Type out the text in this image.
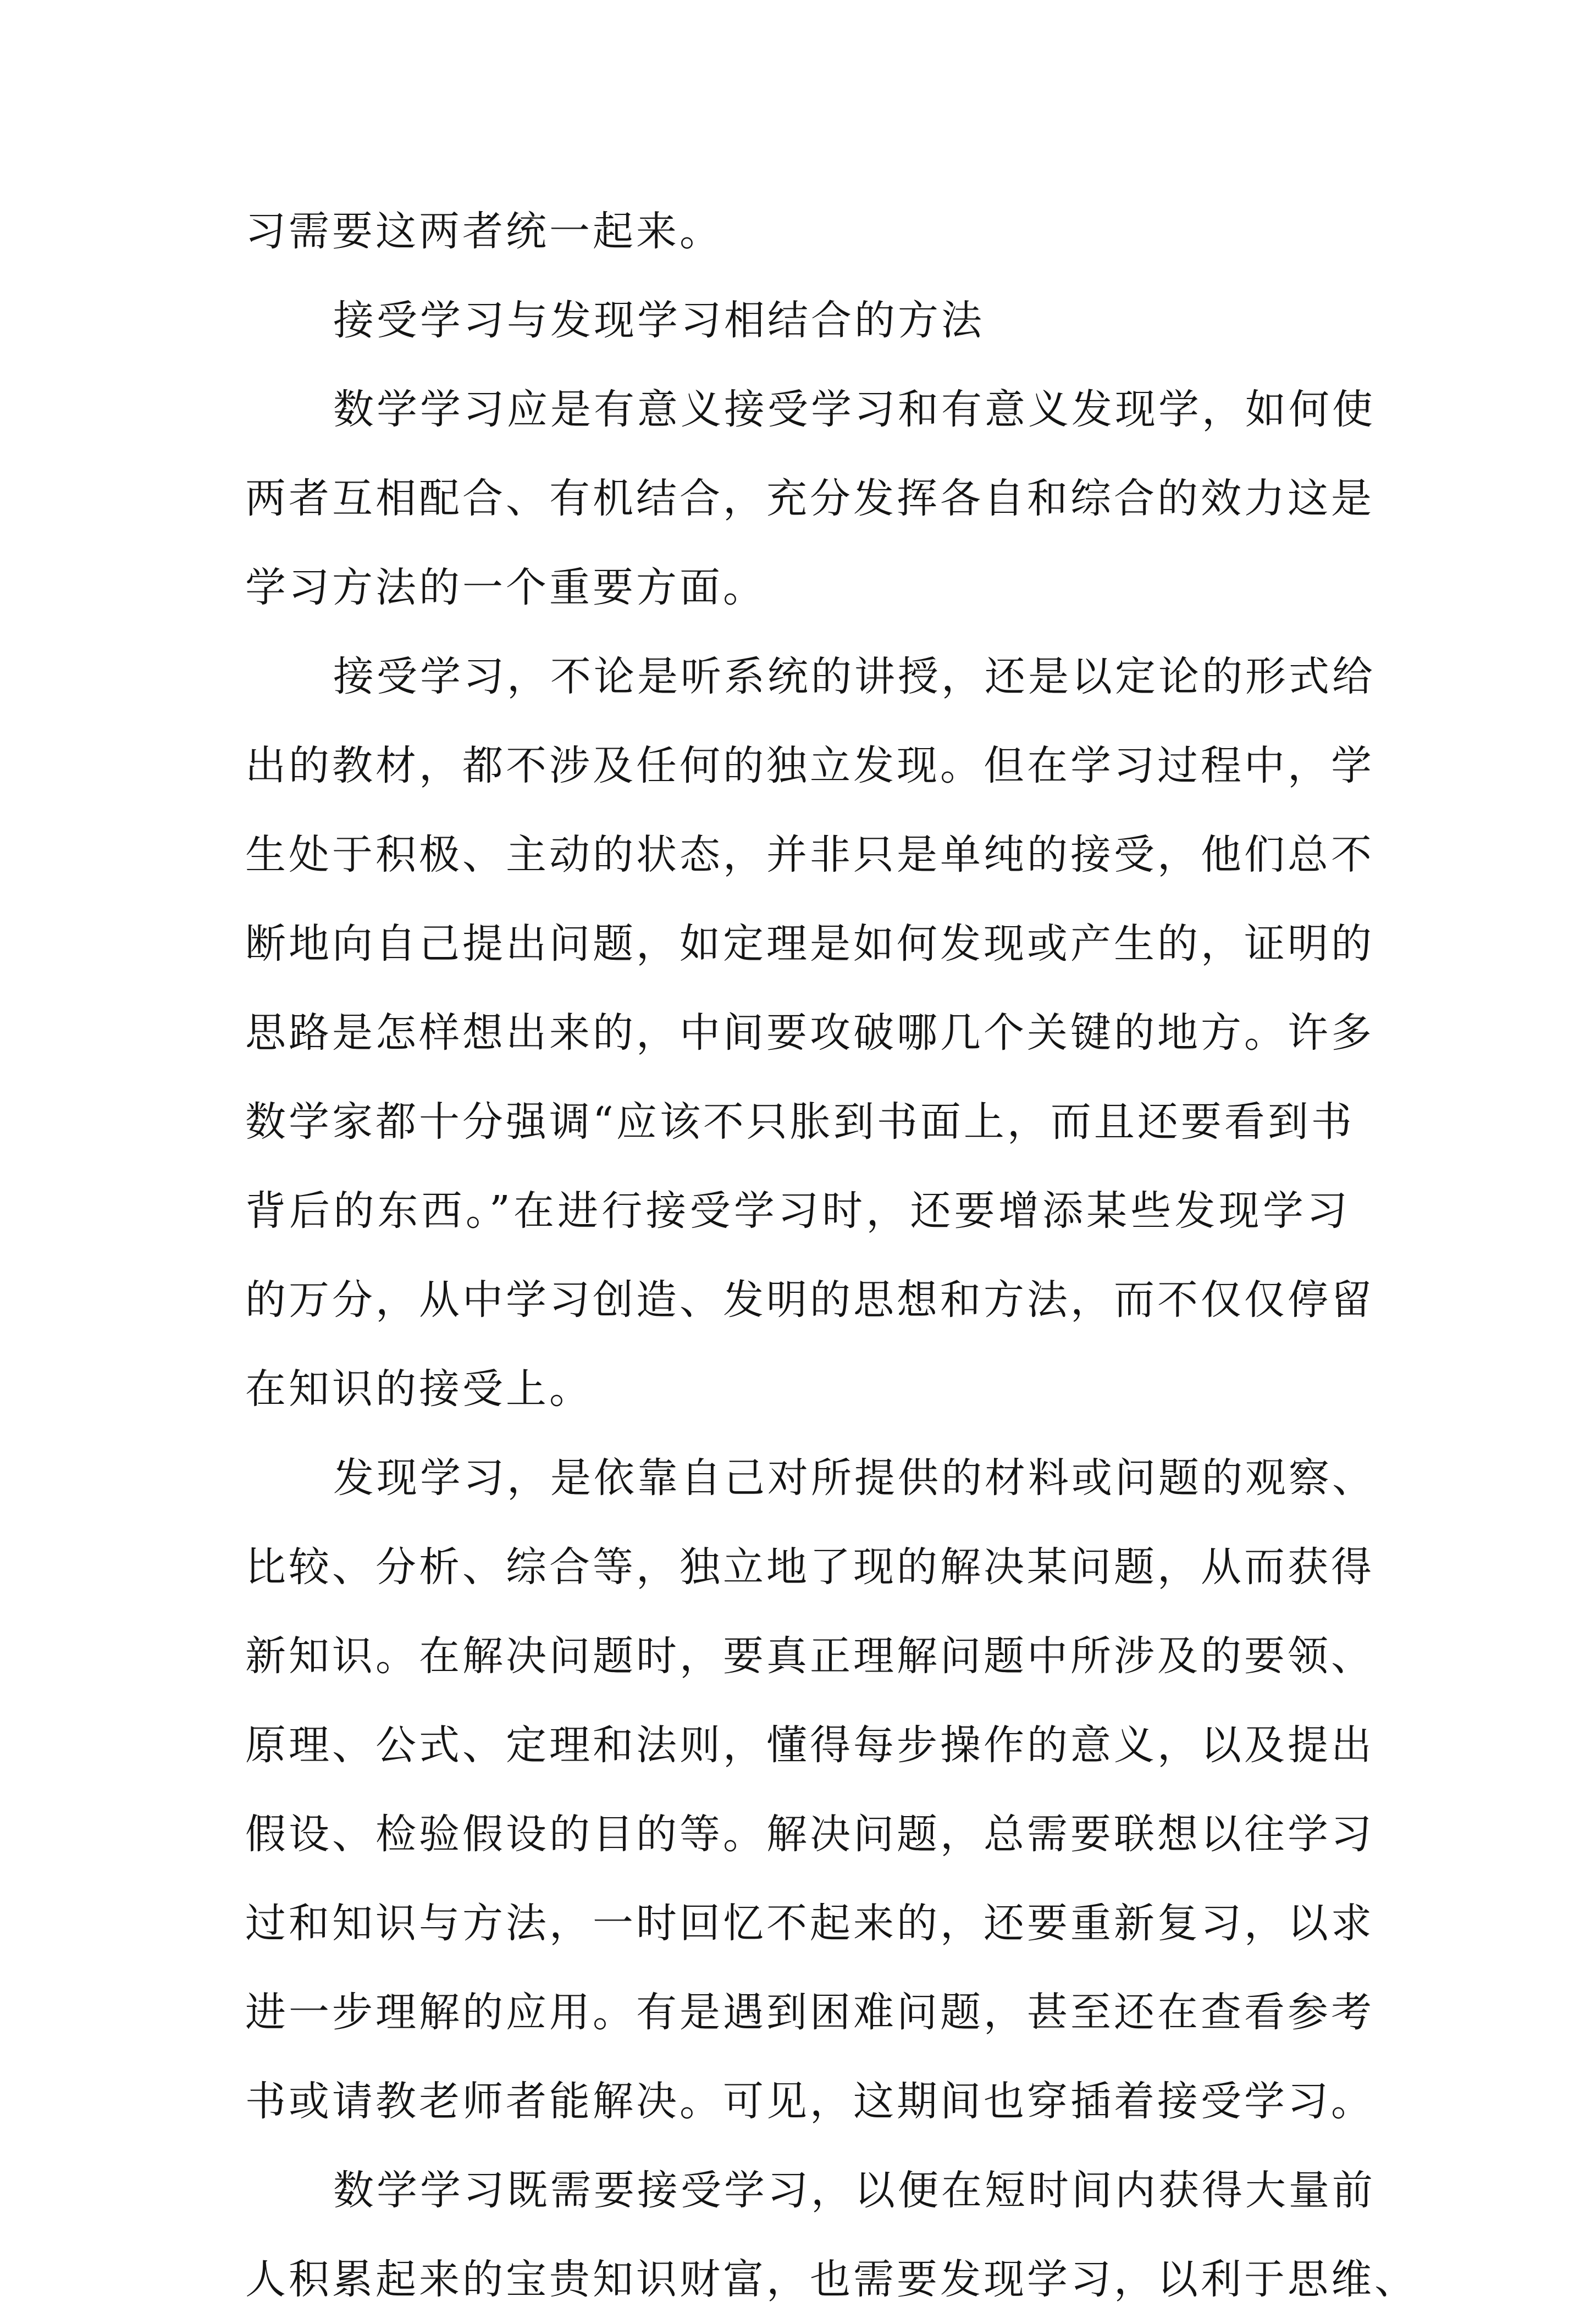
习需要这两者统一起来。
接受学习与发现学习相结合的方法
数学学习应是有意义接受学习和有意义发现学，如何使
两者互相配合、有机结合，充分发挥各自和综合的效力这是
学习方法的一个重要方面。
接受学习，不论是听系统的讲授，还是以定论的形式给
出的教材，都不涉及任何的独立发现。但在学习过程中，学
生处于积极、主动的状态，并非只是单纯的接受，他们总不
断地向自己提出问题，如定理是如何发现或产生的，证明的
思路是怎样想出来的，中间要攻破哪几个关键的地方。许多
数学家都十分强调“应该不只胀到书面上，而且还要看到书
背后的东西。”在进行接受学习时，还要增添某些发现学习
的万分，从中学习创造、发明的思想和方法，而不仅仅停留
在知识的接受上。
发现学习，是依靠自己对所提供的材料或问题的观察、
比较、分析、综合等，独立地了现的解决某问题，从而获得
新知识。在解决问题时，要真正理解问题中所涉及的要领、
原理、公式、定理和法则，懂得每步操作的意义，以及提出
假设、检验假设的目的等。解决问题，总需要联想以往学习
过和知识与方法，一时回忆不起来的，还要重新复习，以求
进一步理解的应用。有是遇到困难问题，甚至还在查看参考
书或请教老师者能解决。可见，这期间也穿插着接受学习。
数学学习既需要接受学习，以便在短时间内获得大量前
人积累起来的宝贵知识财富，也需要发现学习，以利于思维、
